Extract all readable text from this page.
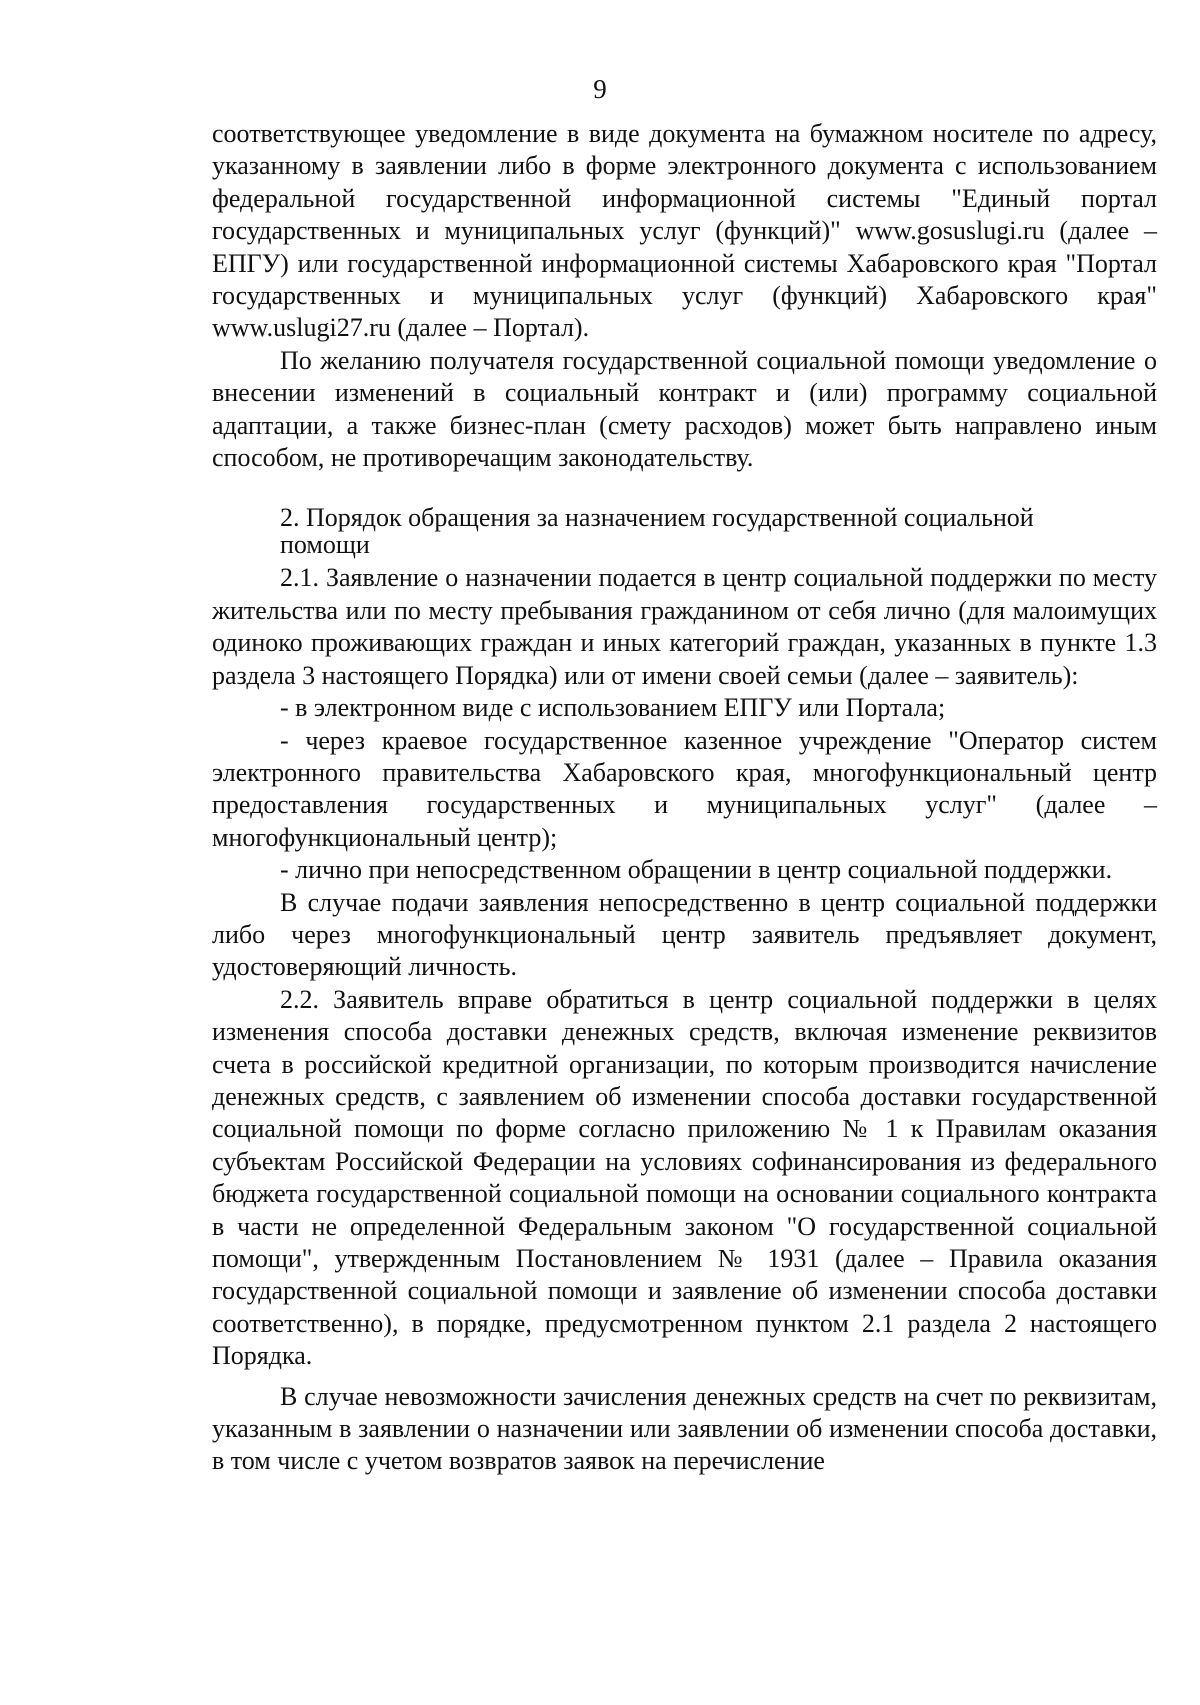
9

соответствующее уведомление в виде документа на бумажном носителе по адресу, указанному в заявлении либо в форме электронного документа с использованием федеральной государственной информационной системы "Единый портал государственных и муниципальных услуг (функций)" www.gosuslugi.ru (далее – ЕПГУ) или государственной информационной системы Хабаровского края "Портал государственных и муниципальных услуг (функций) Хабаровского края" www.uslugi27.ru (далее – Портал).

По желанию получателя государственной социальной помощи уведомление о внесении изменений в социальный контракт и (или) программу социальной адаптации, а также бизнес-план (смету расходов) может быть направлено иным способом, не противоречащим законодательству.

2. Порядок обращения за назначением государственной социальной помощи

2.1. Заявление о назначении подается в центр социальной поддержки по месту жительства или по месту пребывания гражданином от себя лично (для малоимущих одиноко проживающих граждан и иных категорий граждан, указанных в пункте 1.3 раздела 3 настоящего Порядка) или от имени своей семьи (далее – заявитель):

- в электронном виде с использованием ЕПГУ или Портала;

- через краевое государственное казенное учреждение "Оператор систем электронного правительства Хабаровского края, многофункциональный центр предоставления государственных и муниципальных услуг" (далее – многофункциональный центр);

- лично при непосредственном обращении в центр социальной поддержки.

В случае подачи заявления непосредственно в центр социальной поддержки либо через многофункциональный центр заявитель предъявляет документ, удостоверяющий личность.

2.2. Заявитель вправе обратиться в центр социальной поддержки в целях изменения способа доставки денежных средств, включая изменение реквизитов счета в российской кредитной организации, по которым производится начисление денежных средств, с заявлением об изменении способа доставки государственной социальной помощи по форме согласно приложению № 1 к Правилам оказания субъектам Российской Федерации на условиях софинансирования из федерального бюджета государственной социальной помощи на основании социального контракта в части не определенной Федеральным законом "О государственной социальной помощи", утвержденным Постановлением № 1931 (далее – Правила оказания государственной социальной помощи и заявление об изменении способа доставки соответственно), в порядке, предусмотренном пунктом 2.1 раздела 2 настоящего Порядка.

В случае невозможности зачисления денежных средств на счет по реквизитам, указанным в заявлении о назначении или заявлении об изменении способа доставки, в том числе с учетом возвратов заявок на перечисление
